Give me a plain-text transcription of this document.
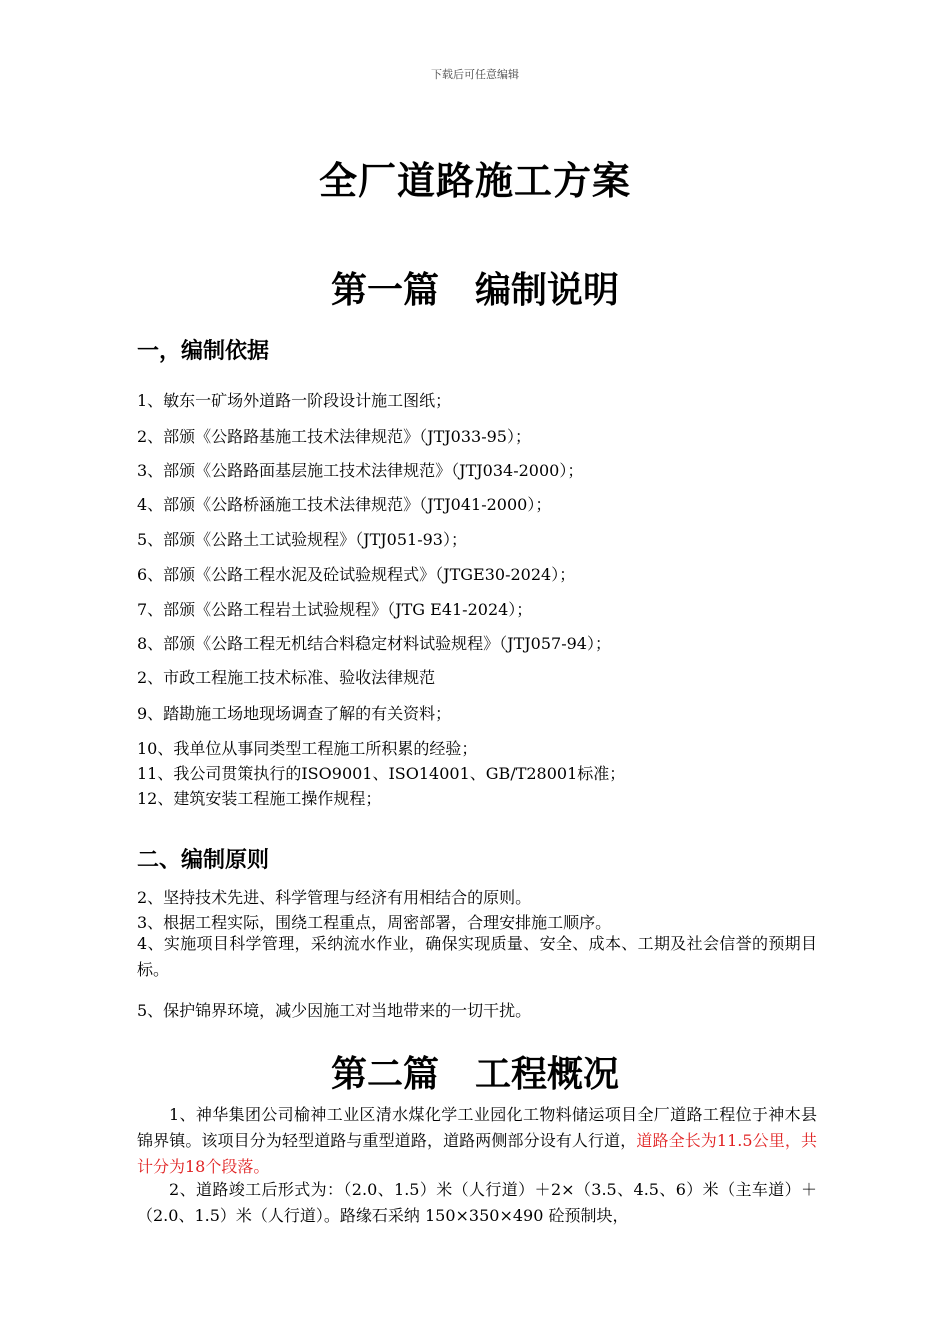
下载后可任意编辑
全厂道路施工方案
第一篇　编制说明
一，编制依据
1、敏东一矿场外道路一阶段设计施工图纸；
2、部颁《公路路基施工技术法律规范》（JTJ033-95）；
3、部颁《公路路面基层施工技术法律规范》（JTJ034-2000）；
4、部颁《公路桥涵施工技术法律规范》（JTJ041-2000）；
5、部颁《公路土工试验规程》（JTJ051-93）；
6、部颁《公路工程水泥及砼试验规程式》（JTGE30-2024）；
7、部颁《公路工程岩土试验规程》（JTG E41-2024）；
8、部颁《公路工程无机结合料稳定材料试验规程》（JTJ057-94）；
2、市政工程施工技术标准、验收法律规范
9、踏勘施工场地现场调查了解的有关资料；
10、我单位从事同类型工程施工所积累的经验；
11、我公司贯策执行的ISO9001、ISO14001、GB/T28001标准；
12、建筑安装工程施工操作规程；
二、编制原则
2、坚持技术先进、科学管理与经济有用相结合的原则。
3、根据工程实际，围绕工程重点，周密部署，合理安排施工顺序。
4、实施项目科学管理，采纳流水作业，确保实现质量、安全、成本、工期及社会信誉的预期目标。
5、保护锦界环境，减少因施工对当地带来的一切干扰。
第二篇　工程概况
1、神华集团公司榆神工业区清水煤化学工业园化工物料储运项目全厂道路工程位于神木县锦界镇。该项目分为轻型道路与重型道路，道路两侧部分设有人行道，道路全长为11.5公里，共计分为18个段落。
2、道路竣工后形式为：（2.0、1.5）米（人行道）＋2×（3.5、4.5、6）米（主车道）＋（2.0、1.5）米（人行道）。路缘石采纳 150×350×490 砼预制块，
